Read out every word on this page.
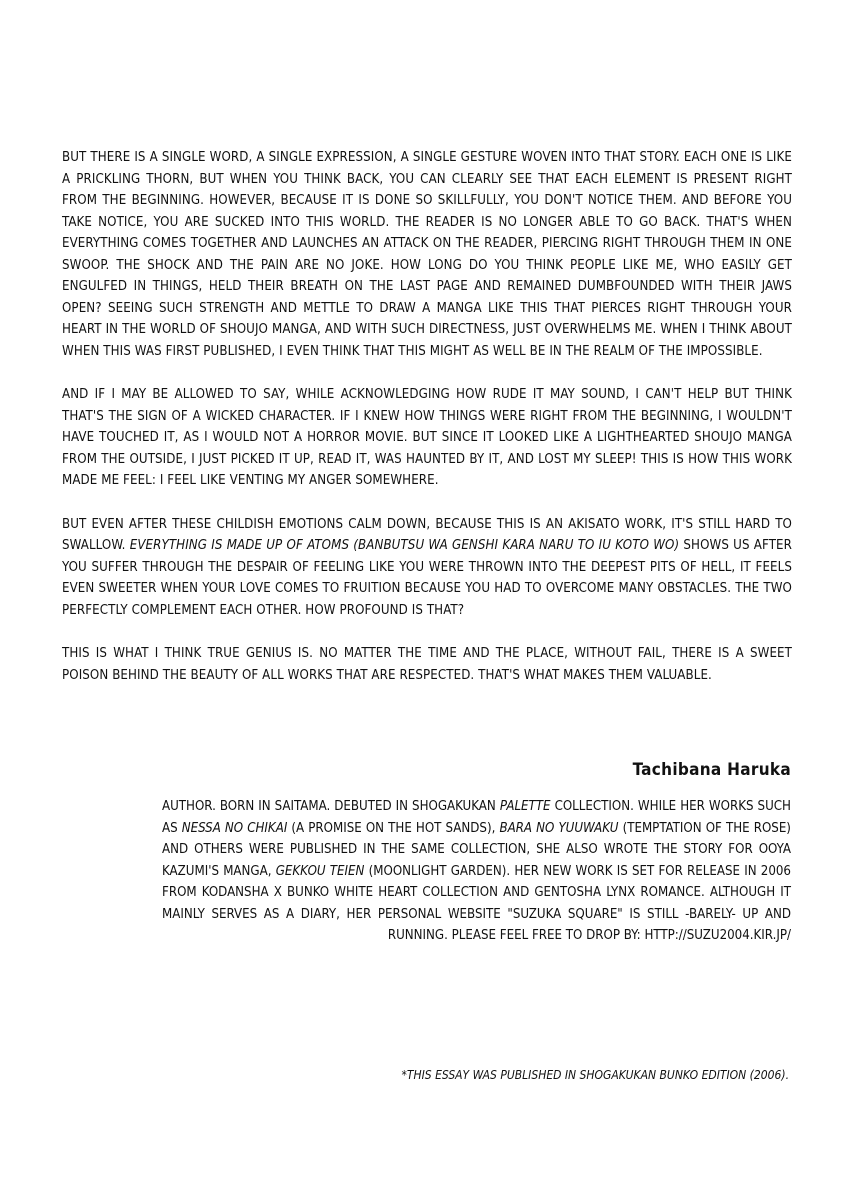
BUT THERE IS A SINGLE WORD, A SINGLE EXPRESSION, A SINGLE GESTURE WOVEN INTO THAT STORY. EACH ONE IS LIKE A PRICKLING THORN, BUT WHEN YOU THINK BACK, YOU CAN CLEARLY SEE THAT EACH ELEMENT IS PRESENT RIGHT FROM THE BEGINNING. HOWEVER, BECAUSE IT IS DONE SO SKILLFULLY, YOU DON'T NOTICE THEM. AND BEFORE YOU TAKE NOTICE, YOU ARE SUCKED INTO THIS WORLD. THE READER IS NO LONGER ABLE TO GO BACK. THAT'S WHEN EVERYTHING COMES TOGETHER AND LAUNCHES AN ATTACK ON THE READER, PIERCING RIGHT THROUGH THEM IN ONE SWOOP. THE SHOCK AND THE PAIN ARE NO JOKE. HOW LONG DO YOU THINK PEOPLE LIKE ME, WHO EASILY GET ENGULFED IN THINGS, HELD THEIR BREATH ON THE LAST PAGE AND REMAINED DUMBFOUNDED WITH THEIR JAWS OPEN? SEEING SUCH STRENGTH AND METTLE TO DRAW A MANGA LIKE THIS THAT PIERCES RIGHT THROUGH YOUR HEART IN THE WORLD OF SHOUJO MANGA, AND WITH SUCH DIRECTNESS, JUST OVERWHELMS ME. WHEN I THINK ABOUT WHEN THIS WAS FIRST PUBLISHED, I EVEN THINK THAT THIS MIGHT AS WELL BE IN THE REALM OF THE IMPOSSIBLE.

AND IF I MAY BE ALLOWED TO SAY, WHILE ACKNOWLEDGING HOW RUDE IT MAY SOUND, I CAN'T HELP BUT THINK THAT'S THE SIGN OF A WICKED CHARACTER. IF I KNEW HOW THINGS WERE RIGHT FROM THE BEGINNING, I WOULDN'T HAVE TOUCHED IT, AS I WOULD NOT A HORROR MOVIE. BUT SINCE IT LOOKED LIKE A LIGHTHEARTED SHOUJO MANGA FROM THE OUTSIDE, I JUST PICKED IT UP, READ IT, WAS HAUNTED BY IT, AND LOST MY SLEEP! THIS IS HOW THIS WORK MADE ME FEEL: I FEEL LIKE VENTING MY ANGER SOMEWHERE.

BUT EVEN AFTER THESE CHILDISH EMOTIONS CALM DOWN, BECAUSE THIS IS AN AKISATO WORK, IT'S STILL HARD TO SWALLOW. EVERYTHING IS MADE UP OF ATOMS (BANBUTSU WA GENSHI KARA NARU TO IU KOTO WO) SHOWS US AFTER YOU SUFFER THROUGH THE DESPAIR OF FEELING LIKE YOU WERE THROWN INTO THE DEEPEST PITS OF HELL, IT FEELS EVEN SWEETER WHEN YOUR LOVE COMES TO FRUITION BECAUSE YOU HAD TO OVERCOME MANY OBSTACLES. THE TWO PERFECTLY COMPLEMENT EACH OTHER. HOW PROFOUND IS THAT?

THIS IS WHAT I THINK TRUE GENIUS IS. NO MATTER THE TIME AND THE PLACE, WITHOUT FAIL, THERE IS A SWEET POISON BEHIND THE BEAUTY OF ALL WORKS THAT ARE RESPECTED. THAT'S WHAT MAKES THEM VALUABLE.

Tachibana Haruka
AUTHOR. BORN IN SAITAMA. DEBUTED IN SHOGAKUKAN PALETTE COLLECTION. WHILE HER WORKS SUCH AS NESSA NO CHIKAI (A PROMISE ON THE HOT SANDS), BARA NO YUUWAKU (TEMPTATION OF THE ROSE) AND OTHERS WERE PUBLISHED IN THE SAME COLLECTION, SHE ALSO WROTE THE STORY FOR OOYA KAZUMI'S MANGA, GEKKOU TEIEN (MOONLIGHT GARDEN). HER NEW WORK IS SET FOR RELEASE IN 2006 FROM KODANSHA X BUNKO WHITE HEART COLLECTION AND GENTOSHA LYNX ROMANCE. ALTHOUGH IT MAINLY SERVES AS A DIARY, HER PERSONAL WEBSITE "SUZUKA SQUARE" IS STILL -BARELY- UP AND RUNNING. PLEASE FEEL FREE TO DROP BY: HTTP://SUZU2004.KIR.JP/
*THIS ESSAY WAS PUBLISHED IN SHOGAKUKAN BUNKO EDITION (2006).
